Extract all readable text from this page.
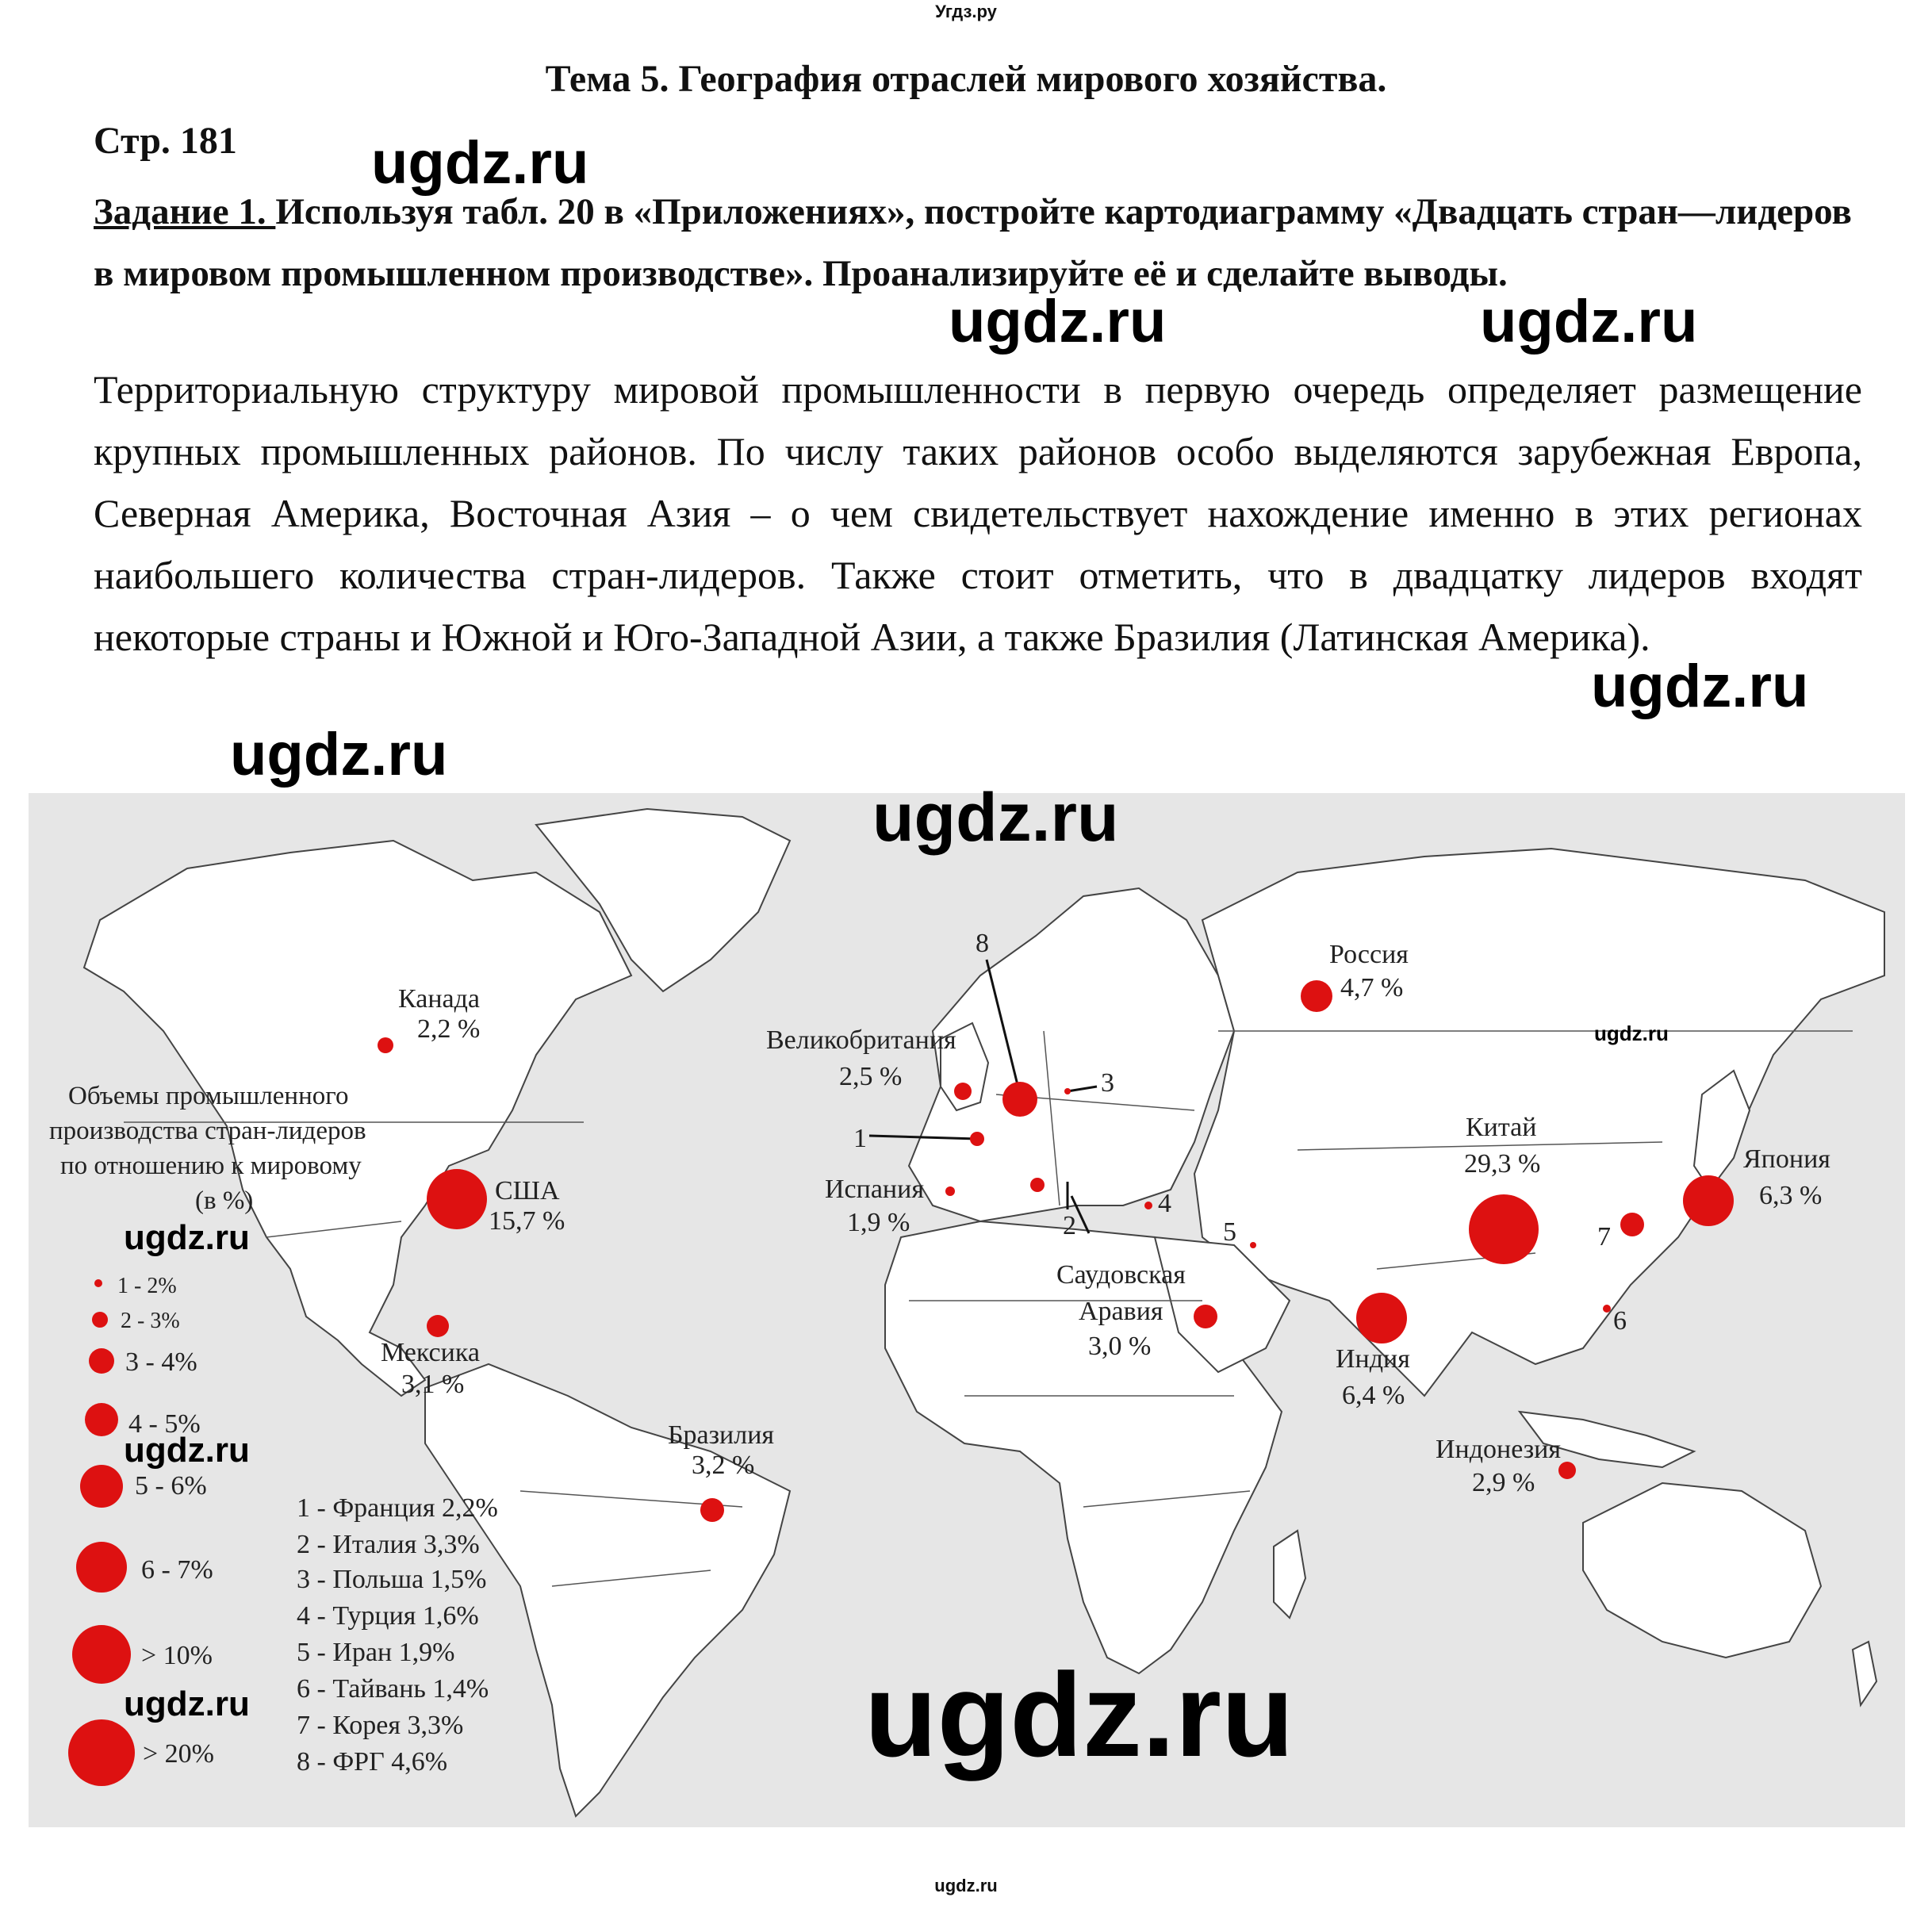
Угдз.ру
Тема 5. География отраслей мирового хозяйства.
Стр. 181
Задание 1. Используя табл. 20 в «Приложениях», постройте картодиаграмму «Двадцать стран—лидеров в мировом промышленном производстве». Проанализируйте её и сделайте выводы.
Территориальную структуру мировой промышленности в первую очередь определяет размещение крупных промышленных районов. По числу таких районов особо выделяются зарубежная Европа, Северная Америка, Восточная Азия – о чем свидетельствует нахождение именно в этих регионах наибольшего количества стран-лидеров. Также стоит отметить, что в двадцатку лидеров входят некоторые страны и Южной и Юго-Западной Азии, а также Бразилия (Латинская Америка).
ugdz.ru
ugdz.ru	ugdz.ru
ugdz.ru
ugdz.ru
США
15,7 %
Канада
2,2 %
Мексика
3,1 %
Бразилия
3,2 %
Великобритания
2,5 %
Испания
1,9 %
Россия
4,7 %
Саудовская
Аравия
3,0 %	Индия
6,4 %
Китай
29,3 %	Япония
6,3 %
Индонезия
2,9 %
1
2
3
4
5
6
7
8
Объемы промышленного
производства стран-лидеров
по отношению к мировому
(в %)
1 - 2%
2 - 3%
3 - 4%
4 - 5%
5 - 6%
6 - 7%
> 10%
> 20%
1 - Франция 2,2%
2 - Италия 3,3%
3 - Польша 1,5%
4 - Турция 1,6%
5 - Иран 1,9%
6 - Тайвань 1,4%
7 - Корея 3,3%
8 - ФРГ 4,6%
ugdz.ru
ugdz.ru
ugdz.ru
ugdz.ru
ugdz.ru	ugdz.ru
ugdz.ru
